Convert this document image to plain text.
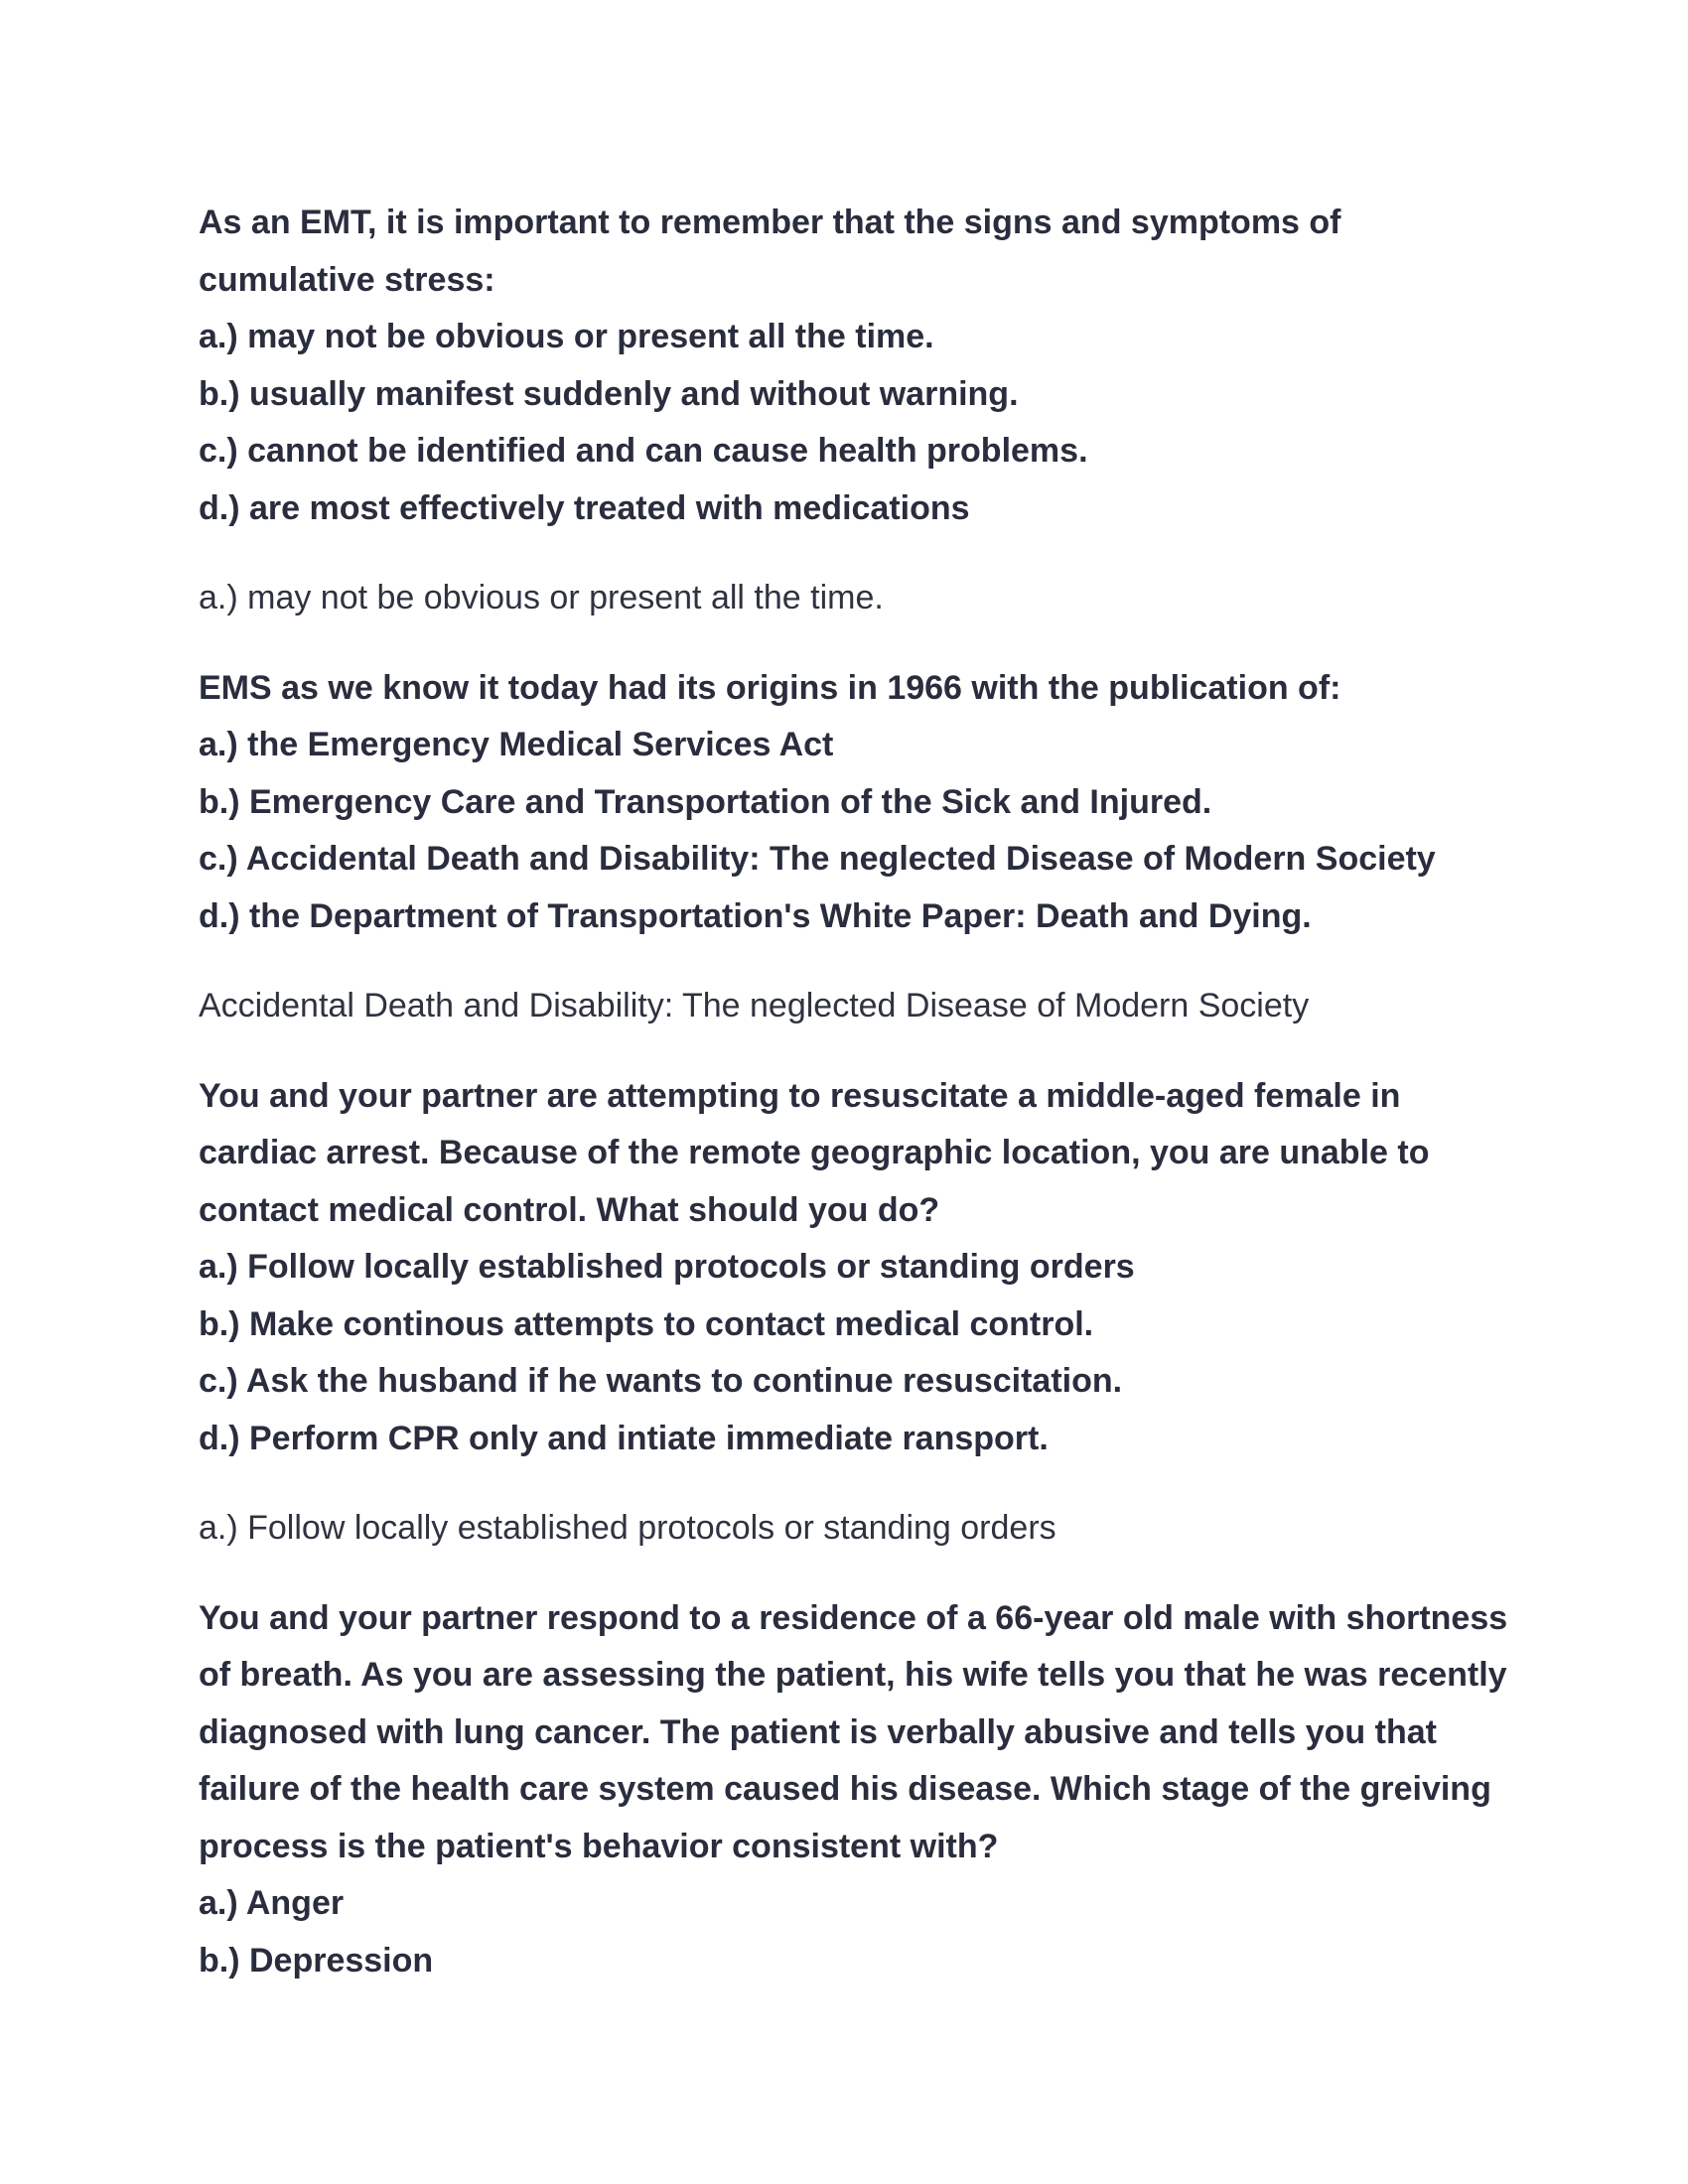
As an EMT, it is important to remember that the signs and symptoms of
cumulative stress:

a.) may not be obvious or present all the time.
b.) usually manifest suddenly and without warning.
c.) cannot be identified and can cause health problems.
d.) are most effectively treated with medications

a.) may not be obvious or present all the time.

EMS as we know it today had its origins in 1966 with the publication of:

a.) the Emergency Medical Services Act
b.) Emergency Care and Transportation of the Sick and Injured.
c.) Accidental Death and Disability: The neglected Disease of Modern Society
d.) the Department of Transportation's White Paper: Death and Dying.

Accidental Death and Disability: The neglected Disease of Modern Society

You and your partner are attempting to resuscitate a middle-aged female in
cardiac arrest. Because of the remote geographic location, you are unable to
contact medical control. What should you do?

a.) Follow locally established protocols or standing orders
b.) Make continous attempts to contact medical control.
c.) Ask the husband if he wants to continue resuscitation.
d.) Perform CPR only and intiate immediate ransport.

a.) Follow locally established protocols or standing orders

You and your partner respond to a residence of a 66-year old male with shortness
of breath. As you are assessing the patient, his wife tells you that he was recently
diagnosed with lung cancer. The patient is verbally abusive and tells you that
failure of the health care system caused his disease. Which stage of the greiving
process is the patient's behavior consistent with?

a.) Anger
b.) Depression
